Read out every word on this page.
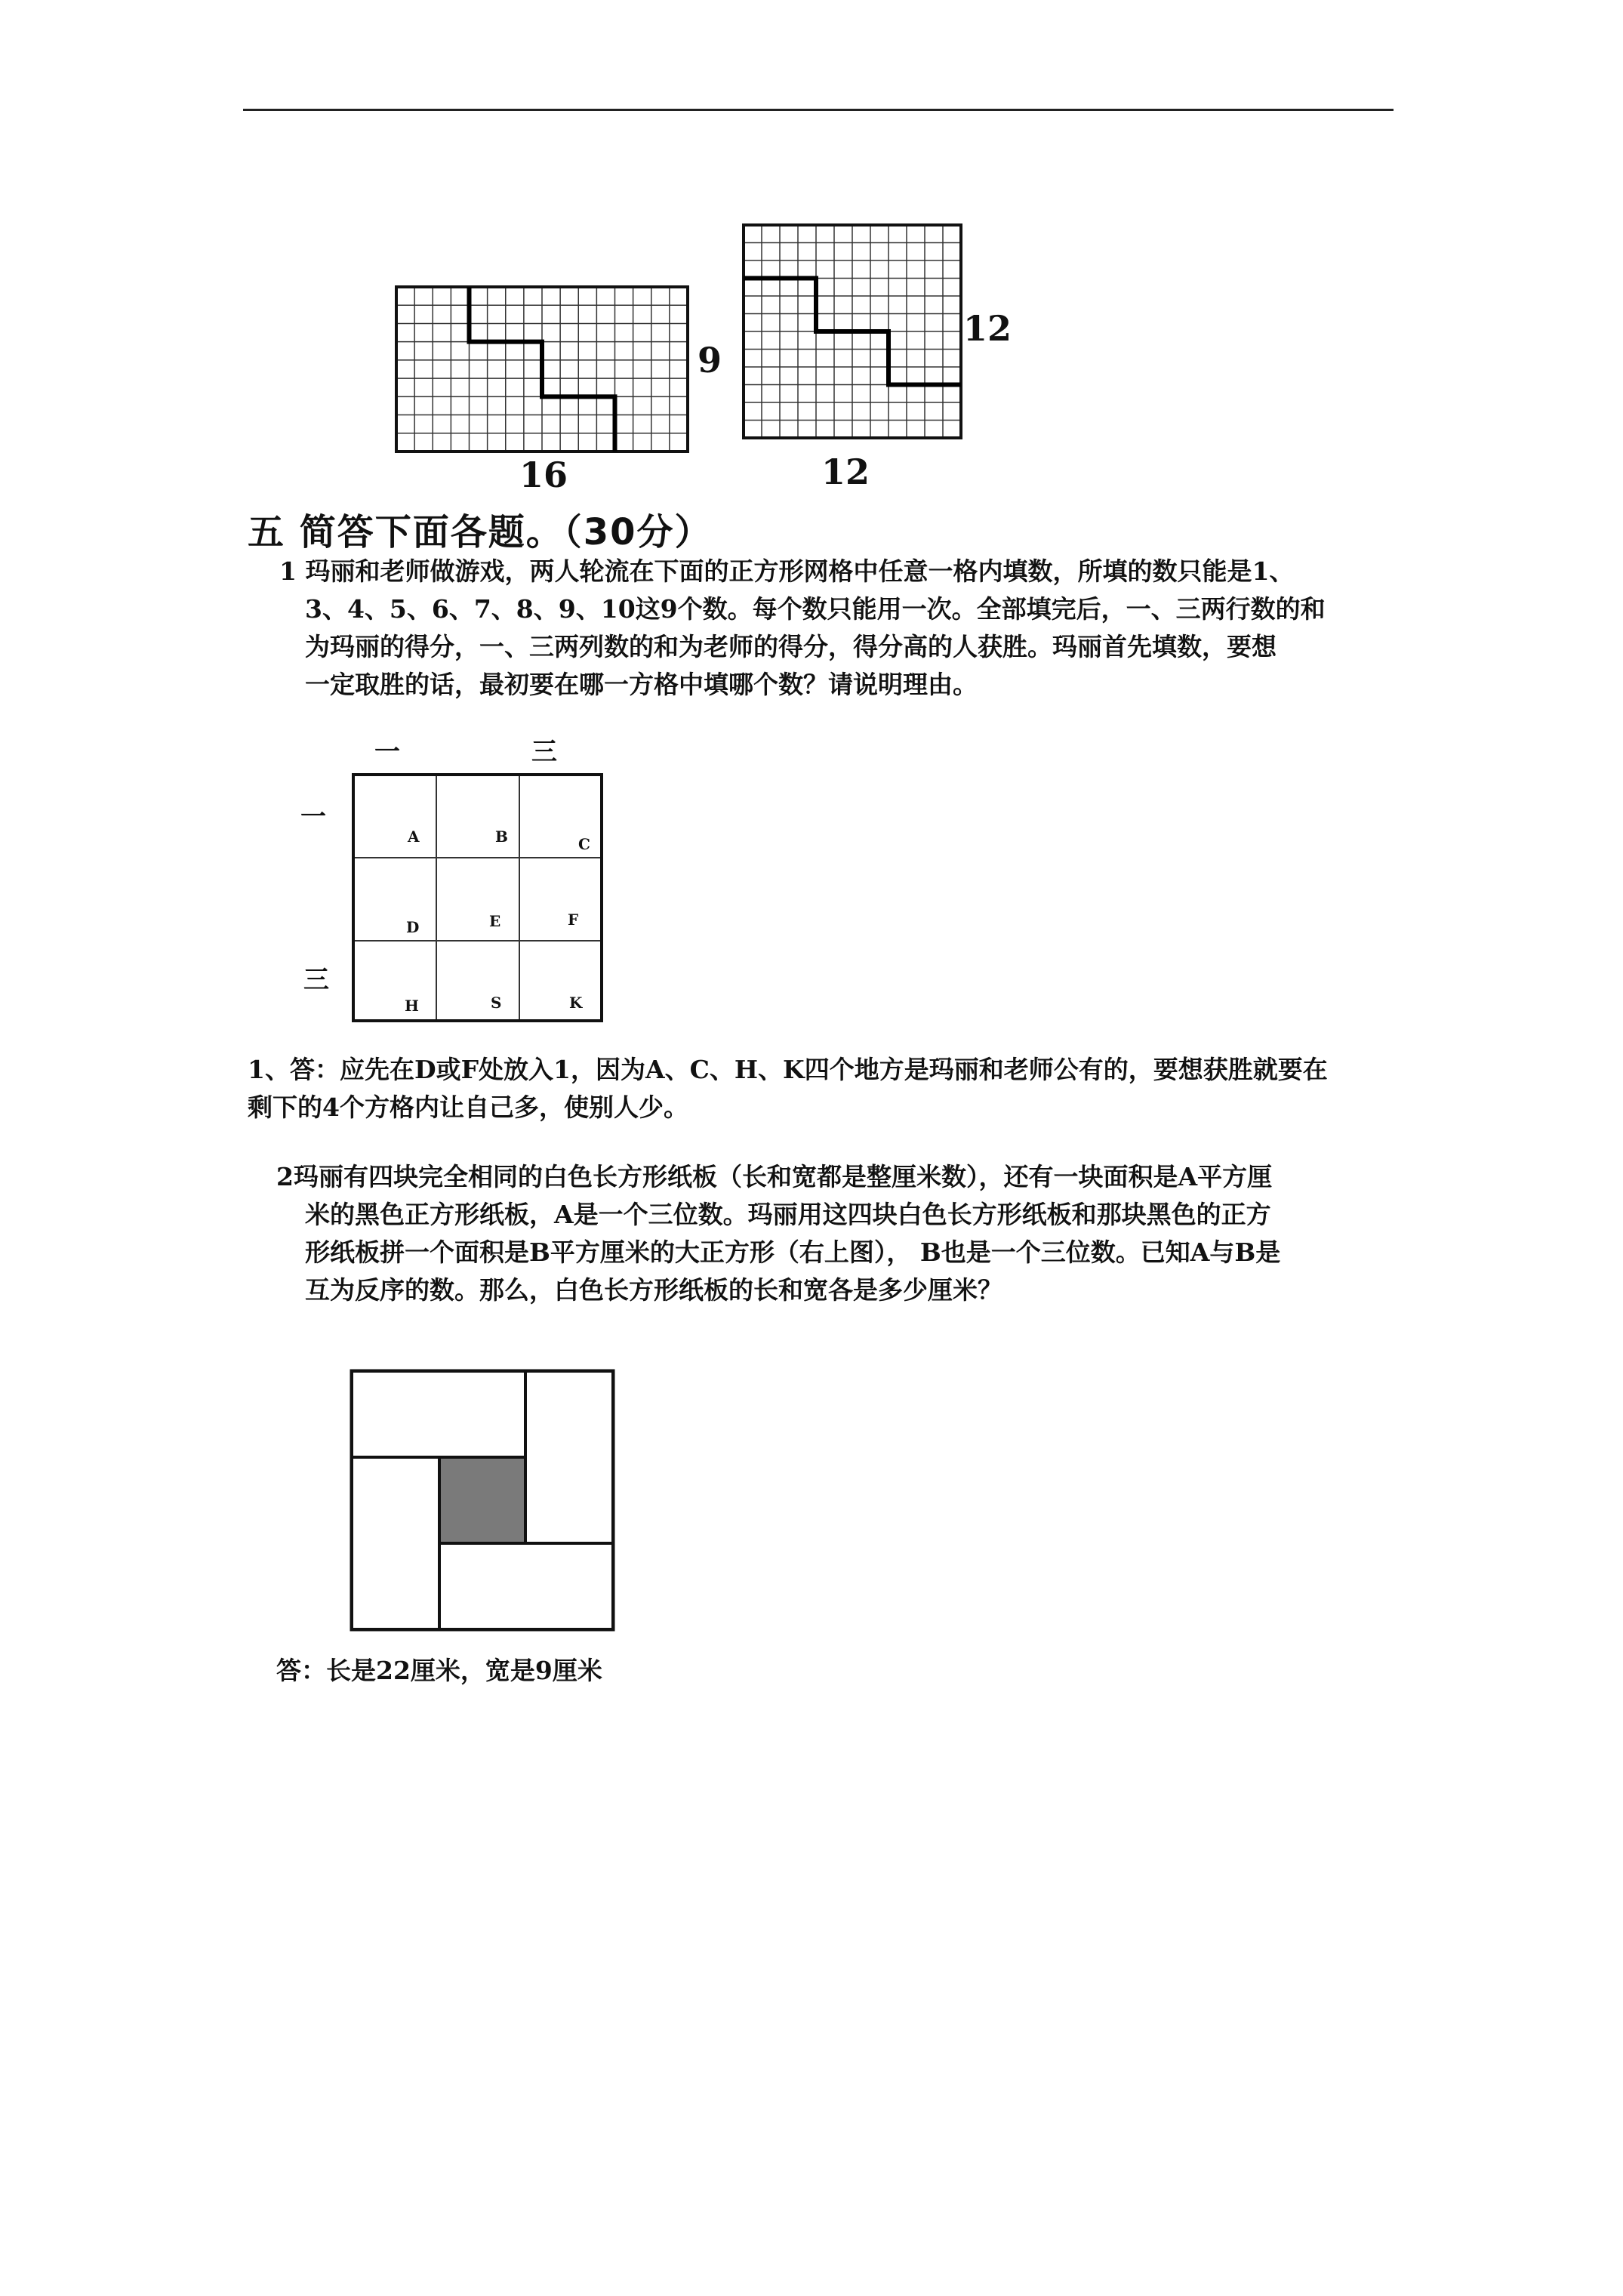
16
9
12
12
五 简答下面各题。（30分）
1 玛丽和老师做游戏，两人轮流在下面的正方形网格中任意一格内填数，所填的数只能是1、
3、4、5、6、7、8、9、10这9个数。每个数只能用一次。全部填完后，一、三两行数的和
为玛丽的得分，一、三两列数的和为老师的得分，得分高的人获胜。玛丽首先填数，要想
一定取胜的话，最初要在哪一方格中填哪个数？请说明理由。
一	三
一
三
A	B	C
D	E	F
H	S	K
1、答：应先在D或F处放入1，因为A、C、H、K四个地方是玛丽和老师公有的，要想获胜就要在
剩下的4个方格内让自己多，使别人少。
2玛丽有四块完全相同的白色长方形纸板（长和宽都是整厘米数），还有一块面积是A平方厘
米的黑色正方形纸板，A是一个三位数。玛丽用这四块白色长方形纸板和那块黑色的正方
形纸板拼一个面积是B平方厘米的大正方形（右上图）， B也是一个三位数。已知A与B是
互为反序的数。那么，白色长方形纸板的长和宽各是多少厘米？
答：长是22厘米，宽是9厘米
